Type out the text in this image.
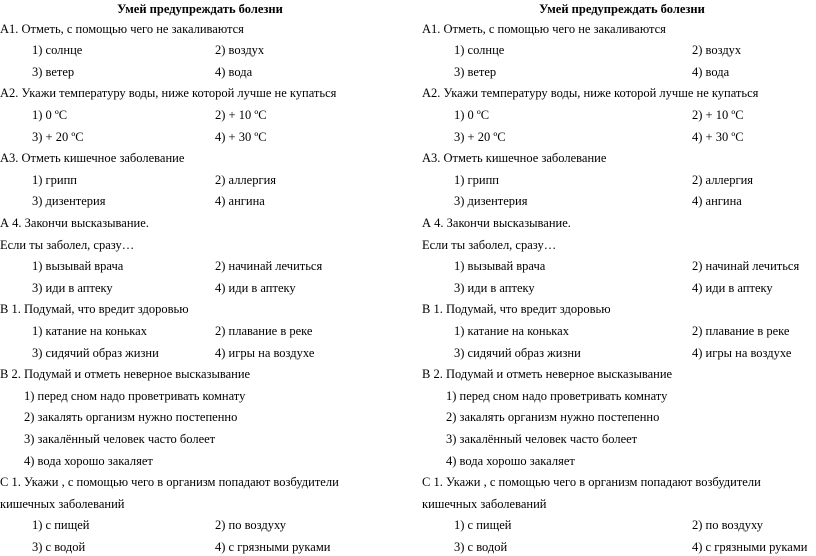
Умей предупреждать болезни
А1. Отметь, с помощью чего не закаливаются
1) солнце	2) воздух
3) ветер	4) вода
А2. Укажи температуру воды, ниже которой лучше не купаться
1) 0 ºС	2) + 10 ºС
3) + 20 ºС	4) + 30 ºС
А3. Отметь кишечное заболевание
1) грипп	2) аллергия
3) дизентерия	4) ангина
А 4. Закончи высказывание.
Если ты заболел, сразу…
1) вызывай врача	2) начинай лечиться
3) иди в аптеку	4) иди в аптеку
В 1. Подумай, что вредит здоровью
1) катание на коньках	2) плавание в реке
3) сидячий образ жизни	4) игры на воздухе
В 2. Подумай и отметь неверное высказывание
1) перед сном надо проветривать комнату
2) закалять организм нужно постепенно
3) закалённый человек часто болеет
4) вода хорошо закаляет
С 1. Укажи , с помощью чего в организм попадают возбудители
кишечных заболеваний
1) с пищей	2) по воздуху
3) с водой	4) с грязными руками
Умей предупреждать болезни
А1. Отметь, с помощью чего не закаливаются
1) солнце	2) воздух
3) ветер	4) вода
А2. Укажи температуру воды, ниже которой лучше не купаться
1) 0 ºС	2) + 10 ºС
3) + 20 ºС	4) + 30 ºС
А3. Отметь кишечное заболевание
1) грипп	2) аллергия
3) дизентерия	4) ангина
А 4. Закончи высказывание.
Если ты заболел, сразу…
1) вызывай врача	2) начинай лечиться
3) иди в аптеку	4) иди в аптеку
В 1. Подумай, что вредит здоровью
1) катание на коньках	2) плавание в реке
3) сидячий образ жизни	4) игры на воздухе
В 2. Подумай и отметь неверное высказывание
1) перед сном надо проветривать комнату
2) закалять организм нужно постепенно
3) закалённый человек часто болеет
4) вода хорошо закаляет
С 1. Укажи , с помощью чего в организм попадают возбудители
кишечных заболеваний
1) с пищей	2) по воздуху
3) с водой	4) с грязными руками
